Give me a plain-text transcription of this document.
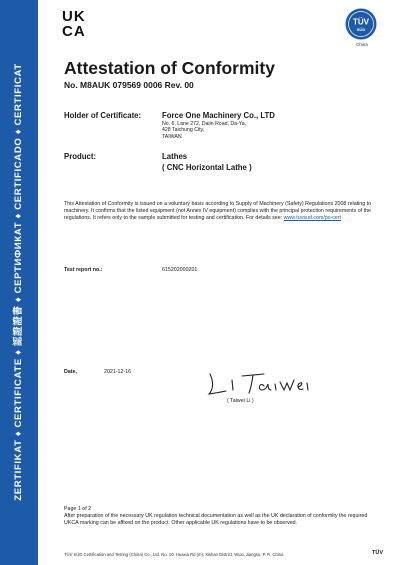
ZERTIFIKAT ♦ CERTIFICATE ♦ 認證證書 ♦ СЕРТИФИКАТ ♦ CERTIFICADO ♦ CERTIFICAT
UK
CA
TÜV
SÜD
China
Attestation of Conformity
No. M8AUK 079569 0006 Rev. 00
Holder of Certificate:	Force One Machinery Co., LTD
No. 6, Lane 272, Daiin Road, Da-Ya,
428 Taichung City,
TAIWAN
Product:	Lathes
( CNC Horizontal Lathe )
This Attestation of Conformity is issued on a voluntary basis according to Supply of Machinery (Safety) Regulations 2008 relating to machinery. It confirms that the listed equipment (not Annex IV equipment) complies with the principal protection requirements of the regulations. It refers only to the sample submitted for testing and certification. For details see: www.tuvsud.com/ps-cert
Test report no.:	615202000201
Date,	2021-12-16
( Taiwei Li )
Page 1 of 2
After preparation of the necessary UK regulation technical documentation as well as the UK declaration of conformity the required UKCA marking can be affixed on the product. Other applicable UK regulations have to be observed.
TÜV SÜD Certification and Testing (China) Co., Ltd. No. 10, Huaxia Rd (m), Xishan District, Wuxi, Jiangsu, P. R. China	TÜV
